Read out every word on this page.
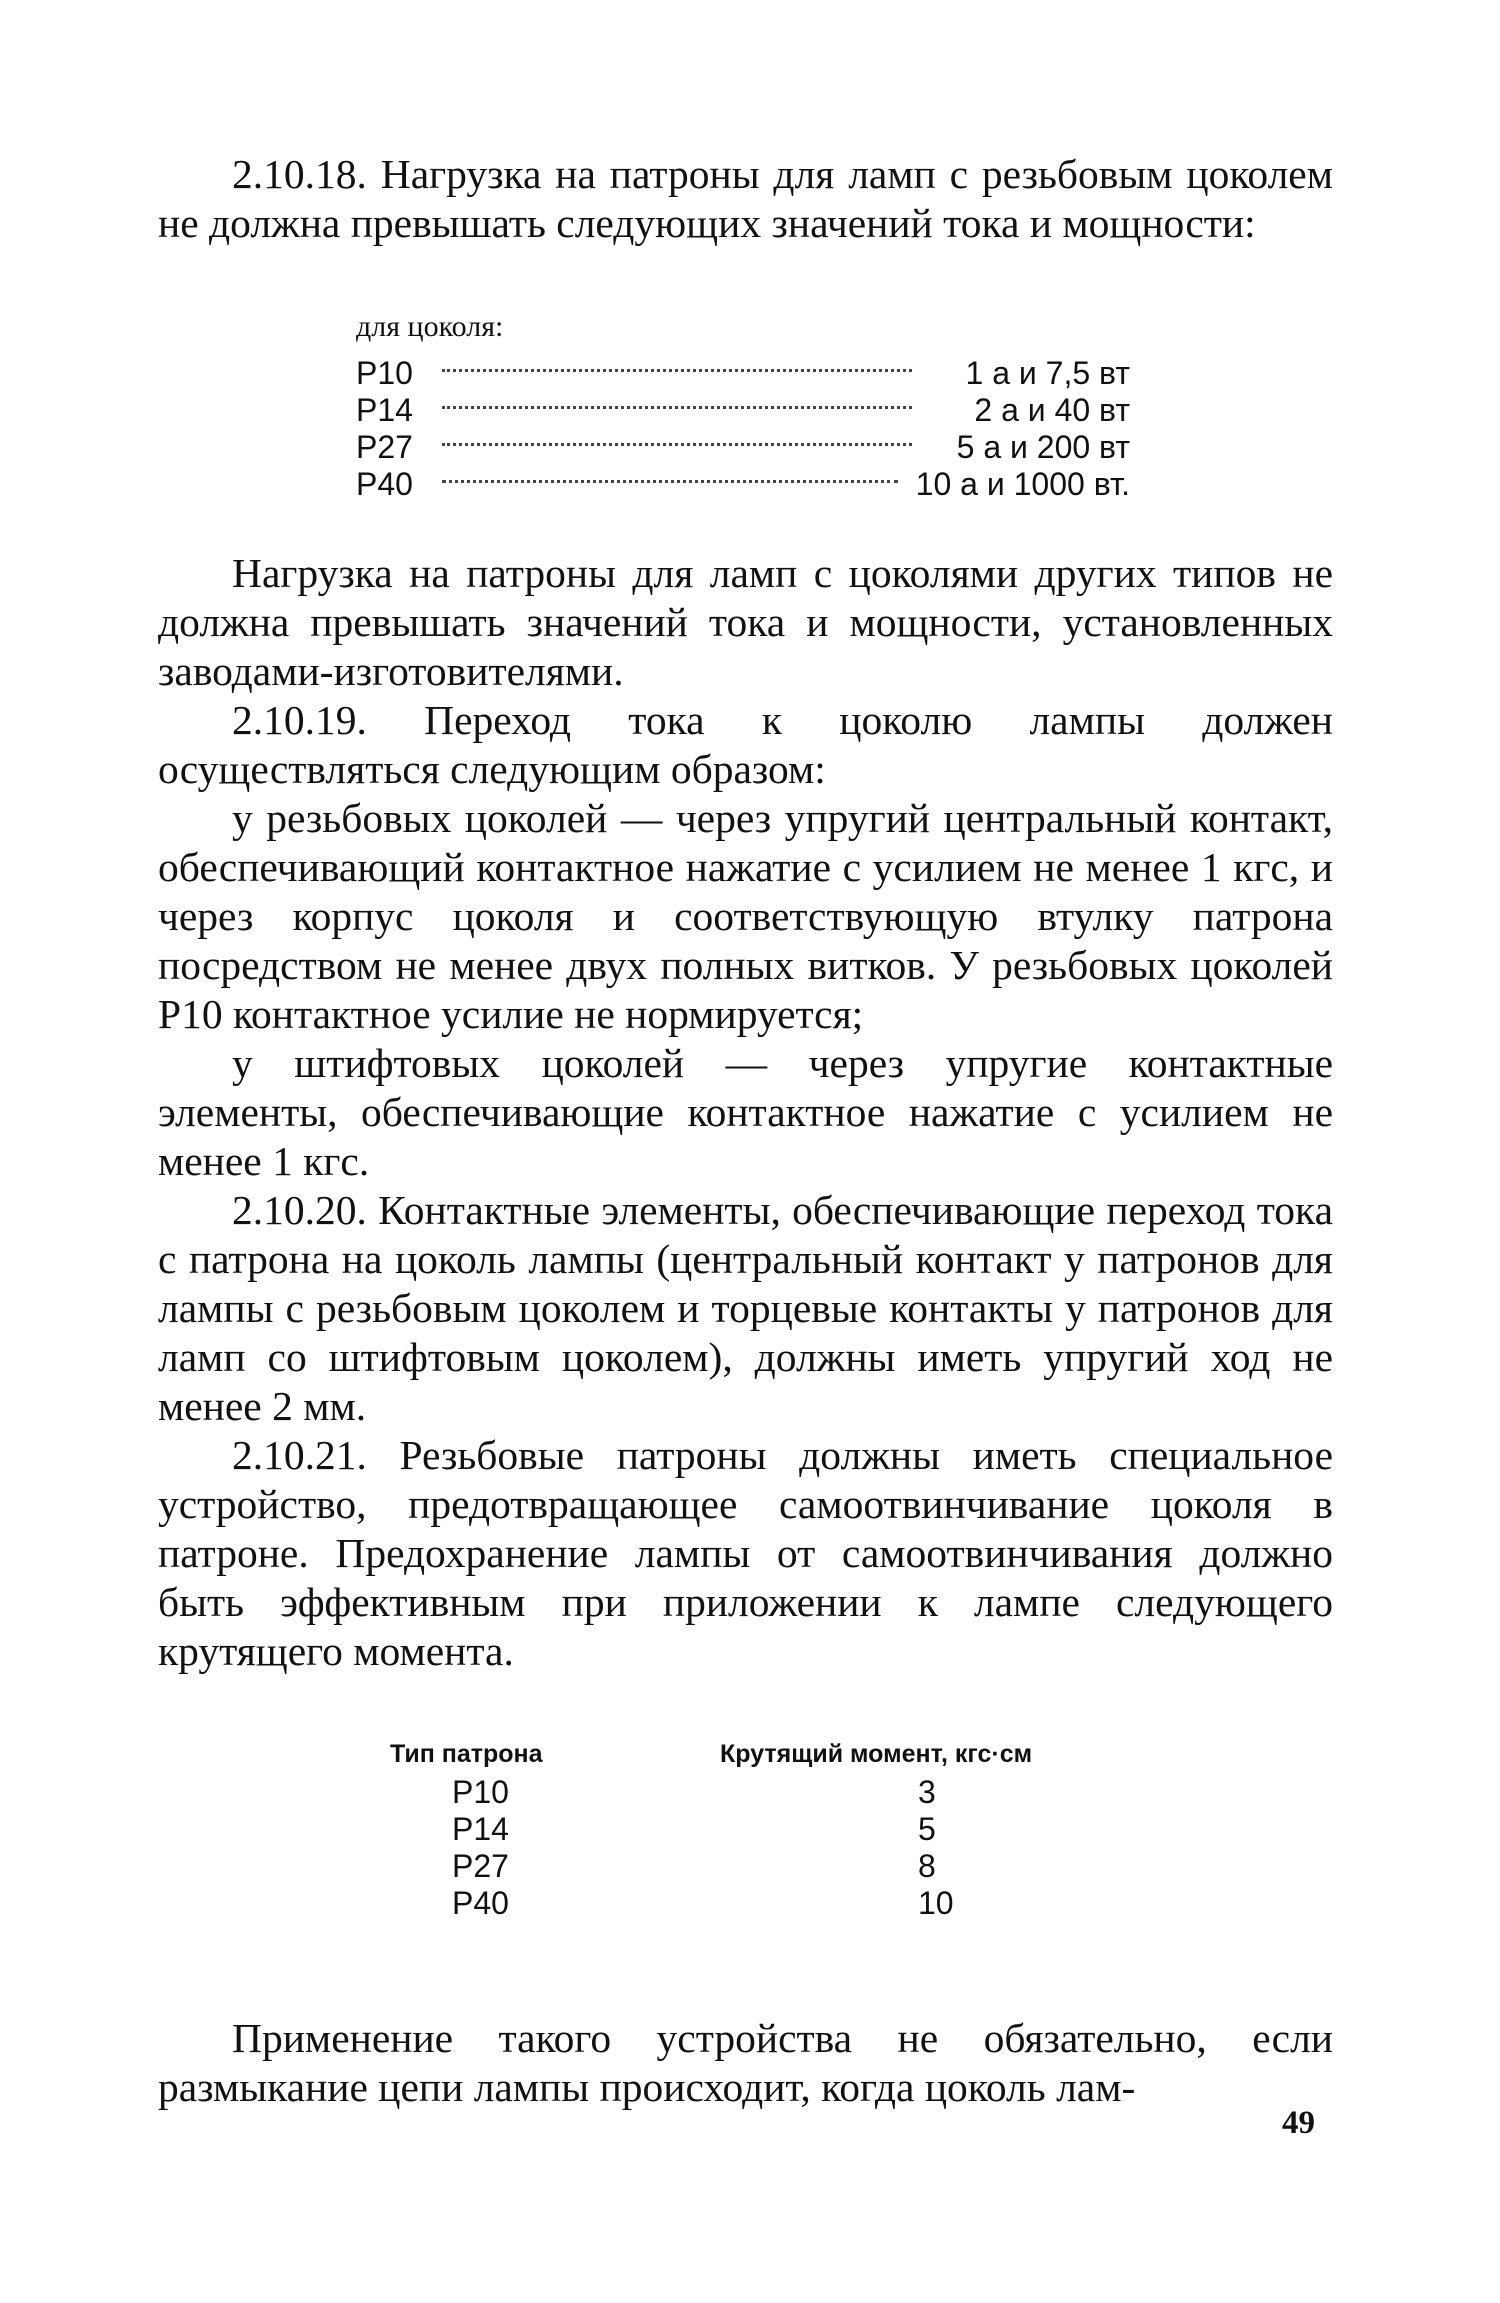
2.10.18. Нагрузка на патроны для ламп с резьбовым цоколем не должна превышать следующих значений тока и мощности:

для цоколя:
P10	1 а и 7,5 вт
P14	2 а и 40 вт
P27	5 а и 200 вт
P40	10 а и 1000 вт.

Нагрузка на патроны для ламп с цоколями других типов не должна превышать значений тока и мощности, установленных заводами-изготовителями.

2.10.19. Переход тока к цоколю лампы должен осуществляться следующим образом:

у резьбовых цоколей — через упругий центральный контакт, обеспечивающий контактное нажатие с усилием не менее 1 кгс, и через корпус цоколя и соответствующую втулку патрона посредством не менее двух полных витков. У резьбовых цоколей P10 контактное усилие не нормируется;

у штифтовых цоколей — через упругие контактные элементы, обеспечивающие контактное нажатие с усилием не менее 1 кгс.

2.10.20. Контактные элементы, обеспечивающие переход тока с патрона на цоколь лампы (центральный контакт у патронов для лампы с резьбовым цоколем и торцевые контакты у патронов для ламп со штифтовым цоколем), должны иметь упругий ход не менее 2 мм.

2.10.21. Резьбовые патроны должны иметь специальное устройство, предотвращающее самоотвинчивание цоколя в патроне. Предохранение лампы от самоотвинчивания должно быть эффективным при приложении к лампе следующего крутящего момента.

Тип патрона	Крутящий момент, кгс·см
P10	3
P14	5
P27	8
P40	10

Применение такого устройства не обязательно, если размыкание цепи лампы происходит, когда цоколь лам-

49
